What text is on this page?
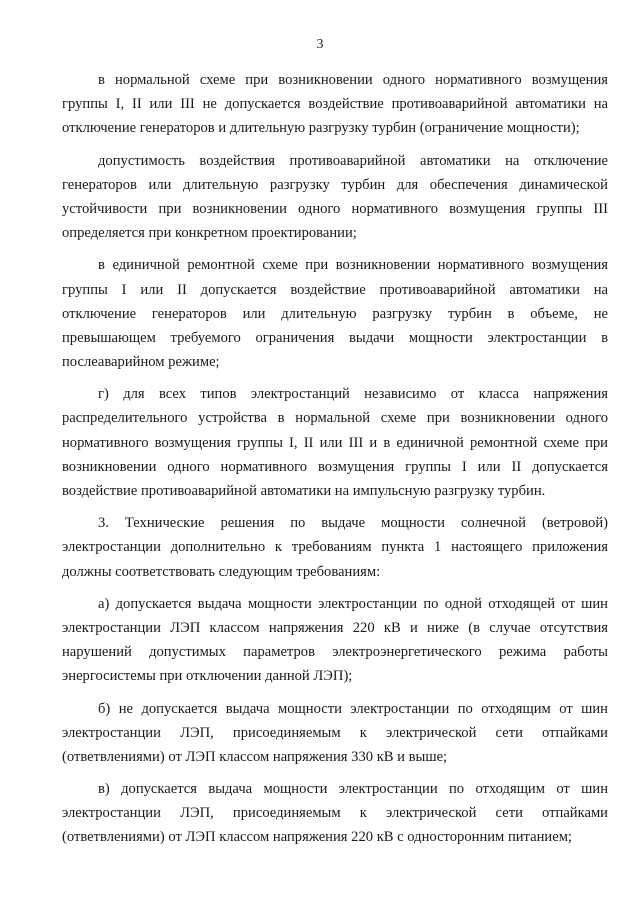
3
в нормальной схеме при возникновении одного нормативного возмущения
группы I, II или III не допускается воздействие противоаварийной автоматики на
отключение генераторов и длительную разгрузку турбин (ограничение мощности);
допустимость воздействия противоаварийной автоматики на отключение
генераторов или длительную разгрузку турбин для обеспечения динамической
устойчивости при возникновении одного нормативного возмущения группы III
определяется при конкретном проектировании;
в единичной ремонтной схеме при возникновении нормативного возмущения
группы I или II допускается воздействие противоаварийной автоматики на
отключение генераторов или длительную разгрузку турбин в объеме, не
превышающем требуемого ограничения выдачи мощности электростанции в
послеаварийном режиме;
г) для всех типов электростанций независимо от класса напряжения
распределительного устройства в нормальной схеме при возникновении одного
нормативного возмущения группы I, II или III и в единичной ремонтной схеме при
возникновении одного нормативного возмущения группы I или II допускается
воздействие противоаварийной автоматики на импульсную разгрузку турбин.
3. Технические решения по выдаче мощности солнечной (ветровой)
электростанции дополнительно к требованиям пункта 1 настоящего приложения
должны соответствовать следующим требованиям:
а) допускается выдача мощности электростанции по одной отходящей от шин
электростанции ЛЭП классом напряжения 220 кВ и ниже (в случае отсутствия
нарушений допустимых параметров электроэнергетического режима работы
энергосистемы при отключении данной ЛЭП);
б) не допускается выдача мощности электростанции по отходящим от шин
электростанции ЛЭП, присоединяемым к электрической сети отпайками
(ответвлениями) от ЛЭП классом напряжения 330 кВ и выше;
в) допускается выдача мощности электростанции по отходящим от шин
электростанции ЛЭП, присоединяемым к электрической сети отпайками
(ответвлениями) от ЛЭП классом напряжения 220 кВ с односторонним питанием;
